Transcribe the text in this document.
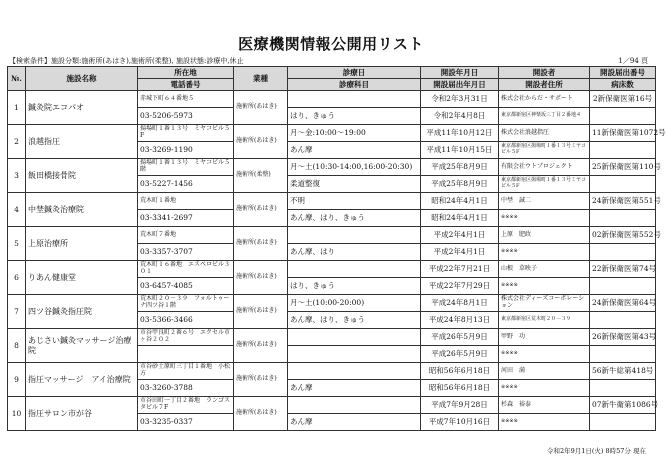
医療機関情報公開用リスト
【検索条件】施設分類:施術所(あはき),施術所(柔整), 施設状態:診療中,休止	1／94 頁
№.	施設名称	所在地	業種	診療日	開設年月日	開設者	開設届出番号
		電話番号		診療科目	開設届出年月日	開設者住所	病床数
1	鍼灸院エコパオ	赤城下町６４番地５	施術所(あはき)		令和2年3月31日	株式会社からだ・サポート	2新保衛医第16号
		03-5206-5973		はり、きゅう	令和2年4月8日	東京都新宿区神楽坂三丁目２番地４	
2	浪越指圧	揚場町１番１３号　ミヤコビル５F	施術所(あはき)	月～金:10:00～19:00	平成11年10月12日	株式会社浪越指圧	11新保衛医第1072号
		03-3269-1190		あん摩	平成11年10月15日	東京都新宿区揚場町１番１３号ミヤコビル５F	
3	飯田橋接骨院	揚場町１番１３号　ミヤコビル５階	施術所(柔整)	月～土(10:30-14:00,16:00-20:30)	平成25年8月9日	有限会社ウトプロジェクト	25新保衛医第110号
		03-5227-1456		柔道整復	平成25年8月9日	東京都新宿区揚場町１番１３号ミヤコビル５F	
4	中埜鍼灸治療院	荒木町１番地	施術所(あはき)	不明	昭和24年4月1日	中埜　誠二	24新保衛医第551号
		03-3341-2697		あん摩、はり、きゅう	昭和24年4月1日	※※※※	
5	上原治療所	荒木町７番地	施術所(あはき)		平成2年4月1日	上原　肥政	02新保衛医第552号
		03-3357-3707		あん摩、はり	平成2年4月1日	※※※※	
6	りあん健康堂	荒木町１６番地　エスペロビル３０１	施術所(あはき)		平成22年7月21日	山根　草映子	22新保衛医第74号
		03-6457-4085		はり、きゅう	平成22年7月29日	※※※※	
7	四ツ谷鍼灸指圧院	荒木町２０－３９　フォルトゥーナ四ツ谷１階	施術所(あはき)	月～土(10:00-20:00)	平成24年8月1日	株式会社ディーズコーポレーション	24新保衛医第64号
		03-5366-3466		あん摩、はり、きゅう	平成24年8月13日	東京都新宿区荒木町２０－３９	
8	あじさい鍼灸マッサージ治療院	市谷甲良町２番６号　エクセル市ヶ谷２０２	施術所(あはき)		平成26年5月9日	甲野　功	26新保衛医第43号
					平成26年5月9日	※※※※	
9	指圧マッサージ　アイ治療院	市谷砂土原町三丁目１番地　小松方	施術所(あはき)		昭和56年6月18日	河田　満	56新牛総第418号
		03-3260-3788		あん摩	昭和56年6月18日	※※※※	
10	指圧サロン市が谷	市谷田町一丁目２番地　ランゴスタビル７F	施術所(あはき)		平成7年9月28日	杉森　裕泰	07新牛衛第1086号
		03-3235-0337		あん摩	平成7年10月16日	※※※※	
令和2年9月1日(火) 8時57分 現在
